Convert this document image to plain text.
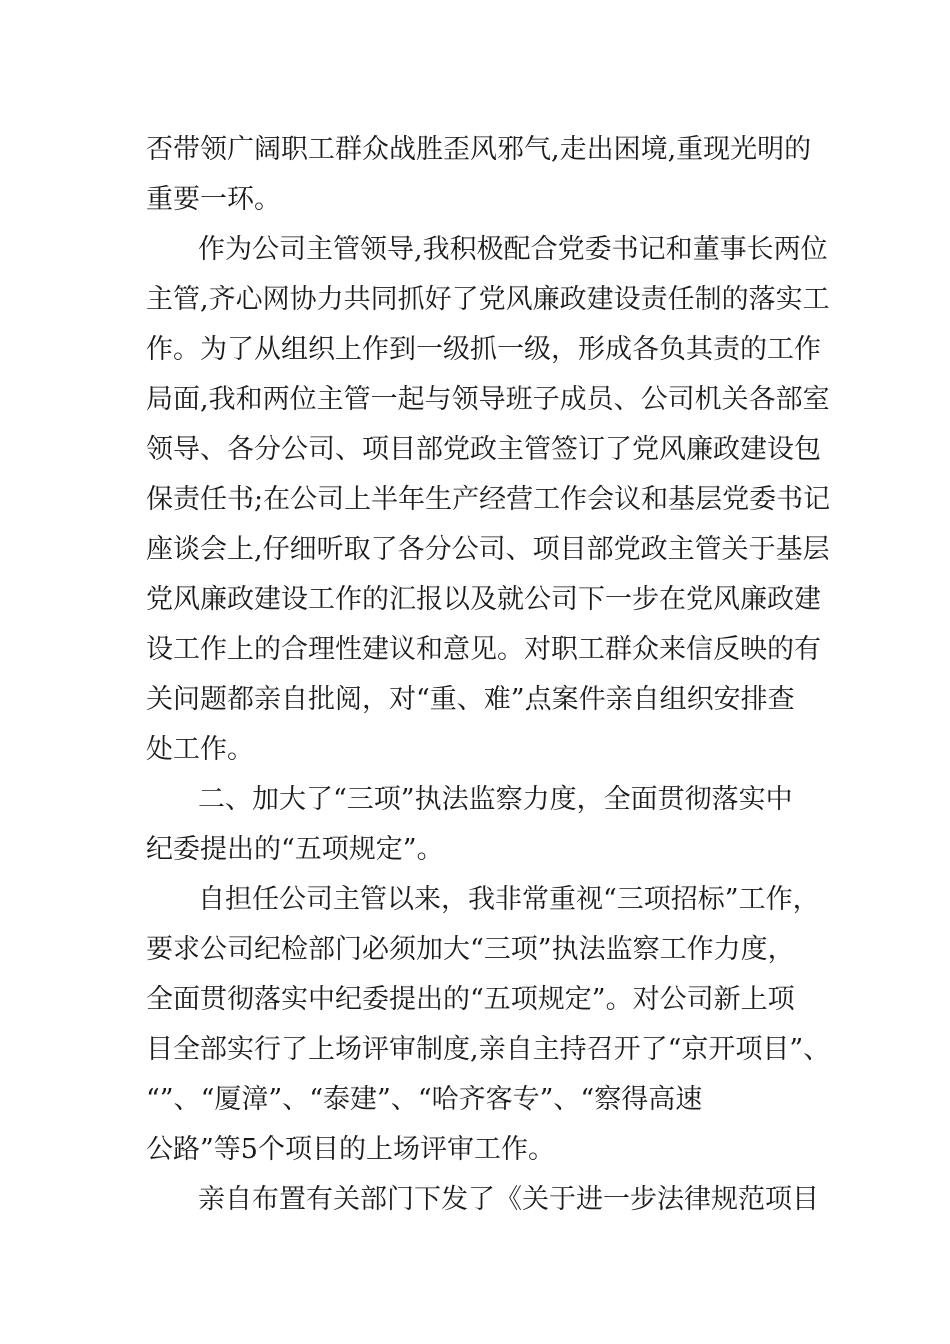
否带领广阔职工群众战胜歪风邪气,走出困境,重现光明的
重要一环。
作为公司主管领导,我积极配合党委书记和董事长两位
主管,齐心网协力共同抓好了党风廉政建设责任制的落实工
作。为了从组织上作到一级抓一级，形成各负其责的工作
局面,我和两位主管一起与领导班子成员、公司机关各部室
领导、各分公司、项目部党政主管签订了党风廉政建设包
保责任书;在公司上半年生产经营工作会议和基层党委书记
座谈会上,仔细听取了各分公司、项目部党政主管关于基层
党风廉政建设工作的汇报以及就公司下一步在党风廉政建
设工作上的合理性建议和意见。对职工群众来信反映的有
关问题都亲自批阅，对“重、难”点案件亲自组织安排查
处工作。
二、加大了“三项”执法监察力度，全面贯彻落实中
纪委提出的“五项规定”。
自担任公司主管以来，我非常重视“三项招标”工作，
要求公司纪检部门必须加大“三项”执法监察工作力度，
全面贯彻落实中纪委提出的“五项规定”。对公司新上项
目全部实行了上场评审制度,亲自主持召开了“京开项目”、
“”、“厦漳”、“泰建”、“哈齐客专”、“察得高速
公路”等5个项目的上场评审工作。
亲自布置有关部门下发了《关于进一步法律规范项目
